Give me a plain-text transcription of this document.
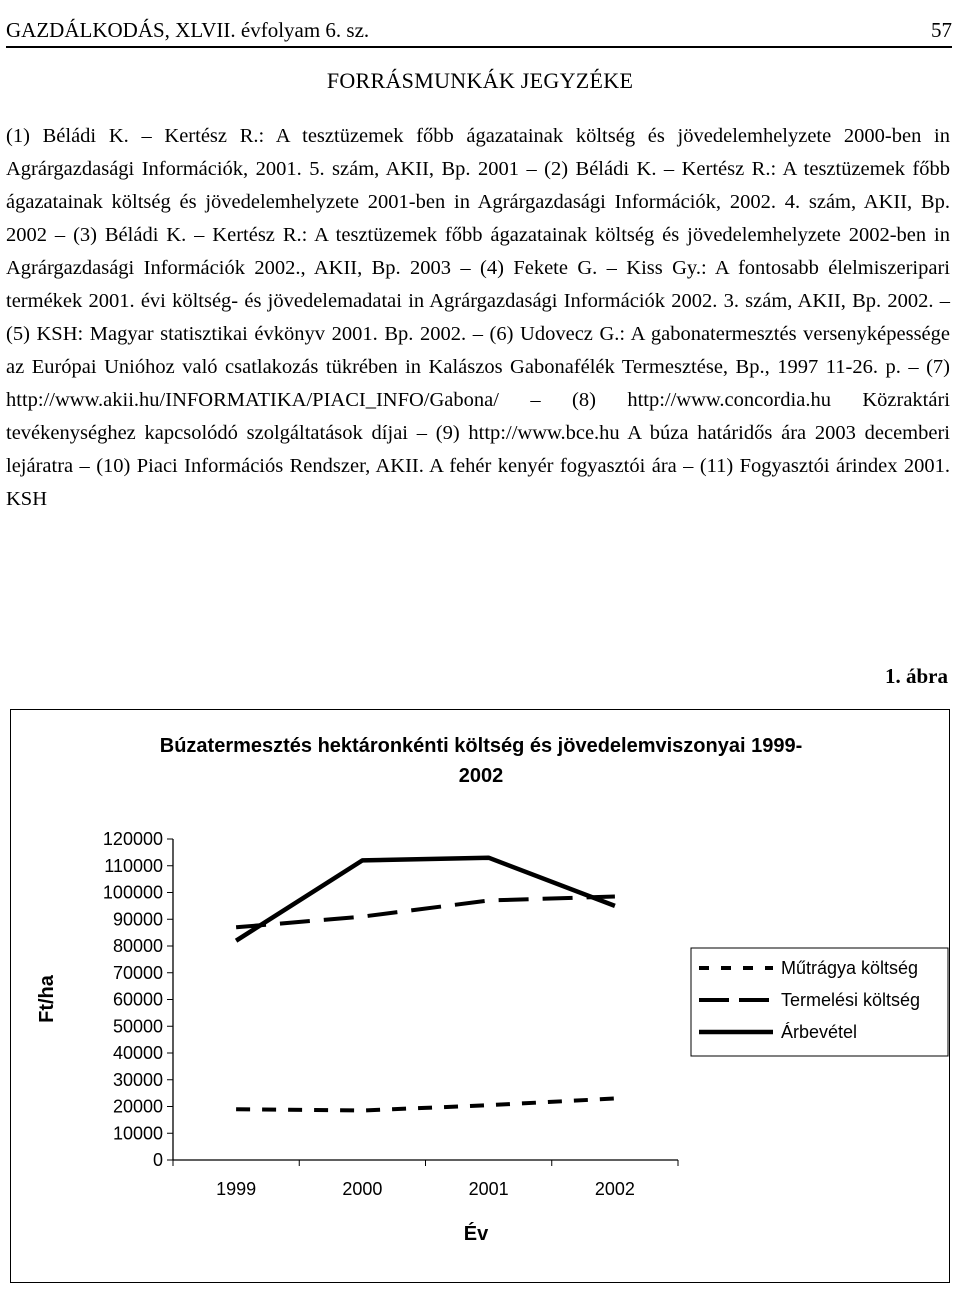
GAZDÁLKODÁS, XLVII. évfolyam 6. sz.	57
FORRÁSMUNKÁK JEGYZÉKE

(1) Béládi K. – Kertész R.: A tesztüzemek főbb ágazatainak költség és jövedelemhelyzete 2000-ben in Agrárgazdasági Információk, 2001. 5. szám, AKII, Bp. 2001 – (2) Béládi K. – Kertész R.: A tesztüzemek főbb ágazatainak költség és jövedelemhelyzete 2001-ben in Agrárgazdasági Információk, 2002. 4. szám, AKII, Bp. 2002 – (3) Béládi K. – Kertész R.: A tesztüzemek főbb ágazatainak költség és jövedelemhelyzete 2002-ben in Agrárgazdasági Információk 2002., AKII, Bp. 2003 – (4) Fekete G. – Kiss Gy.: A fontosabb élelmiszeripari termékek 2001. évi költség- és jövedelemadatai in Agrárgazdasági Információk 2002. 3. szám, AKII, Bp. 2002. – (5) KSH: Magyar statisztikai évkönyv 2001. Bp. 2002. – (6) Udovecz G.: A gabonatermesztés versenyképessége az Európai Unióhoz való csatlakozás tükrében in Kalászos Gabonafélék Termesztése, Bp., 1997 11-26. p. – (7) http://www.akii.hu/INFORMATIKA/PIACI_INFO/Gabona/ – (8) http://www.concordia.hu Közraktári tevékenységhez kapcsolódó szolgáltatások díjai – (9) http://www.bce.hu A búza határidős ára 2003 decemberi lejáratra – (10) Piaci Információs Rendszer, AKII. A fehér kenyér fogyasztói ára – (11) Fogyasztói árindex 2001. KSH

1. ábra
Búzatermesztés hektáronkénti költség és jövedelemviszonyai 1999-
2002
0
10000
20000
30000
40000
50000
60000
70000
80000
90000
100000
110000
120000
1999	2000	2001	2002
Év
Ft/ha
Műtrágya költség
Termelési költség
Árbevétel
